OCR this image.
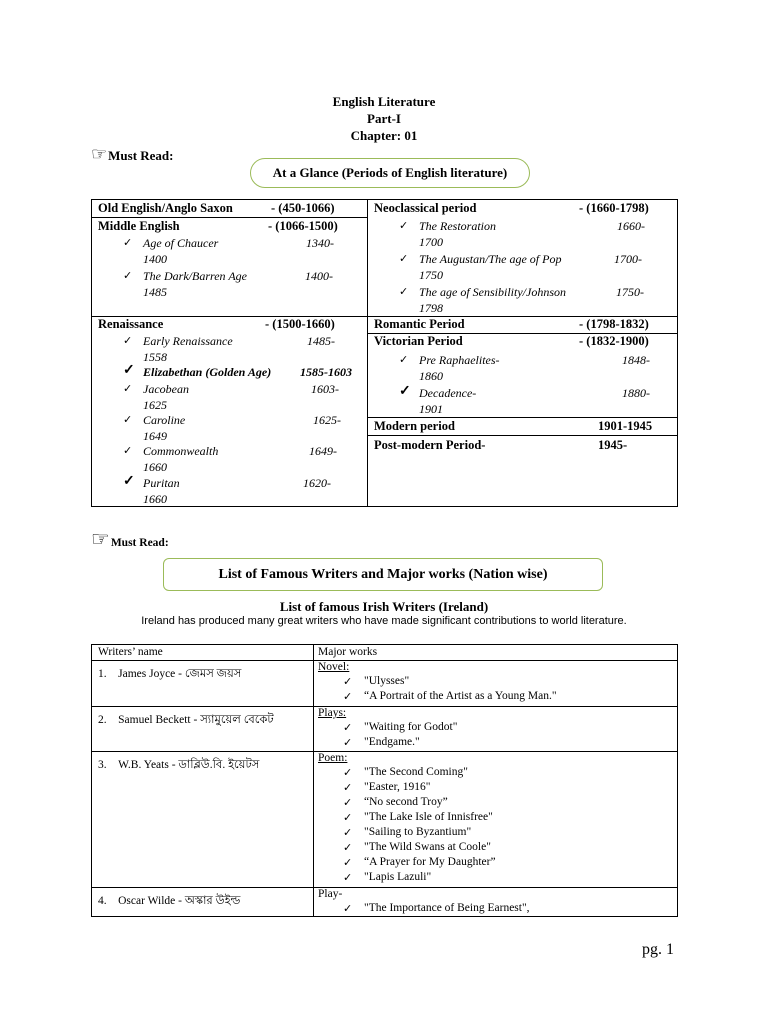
English Literature
Part-I
Chapter: 01
☞Must Read:
At a Glance (Periods of English literature)
Old English/Anglo Saxon	- (450-1066)
Middle English	- (1066-1500)
✓ Age of Chaucer	1340-
1400
✓ The Dark/Barren Age	1400-
1485
Renaissance	- (1500-1660)
✓ Early Renaissance	1485-
1558
✓ Elizabethan (Golden Age) 1585-1603
✓ Jacobean	1603-
1625
✓ Caroline	1625-
1649
✓ Commonwealth	1649-
1660
✓ Puritan	1620-
1660
Neoclassical period	- (1660-1798)
✓ The Restoration	1660-
1700
✓ The Augustan/The age of Pop	1700-
1750
✓ The age of Sensibility/Johnson	1750-
1798
Romantic Period	- (1798-1832)
Victorian Period	- (1832-1900)
✓ Pre Raphaelites-	1848-
1860
✓ Decadence-	1880-
1901
Modern period	1901-1945
Post-modern Period-	1945-
☞Must Read:
List of Famous Writers and Major works (Nation wise)
List of famous Irish Writers (Ireland)
Ireland has produced many great writers who have made significant contributions to world literature.
Writers’ name	Major works
1. James Joyce - জেমস জয়স
Novel:
✓ "Ulysses"
✓ “A Portrait of the Artist as a Young Man."
2. Samuel Beckett - স্যামুয়েল বেকেট
Plays:
✓ "Waiting for Godot"
✓ "Endgame."
3. W.B. Yeats - ডাব্লিউ.বি. ইয়েটস
Poem:
✓ "The Second Coming"
✓ "Easter, 1916"
✓ “No second Troy”
✓ "The Lake Isle of Innisfree"
✓ "Sailing to Byzantium"
✓ "The Wild Swans at Coole"
✓ “A Prayer for My Daughter”
✓ "Lapis Lazuli"
4. Oscar Wilde - অস্কার উইল্ড
Play-
✓ "The Importance of Being Earnest",
pg. 1
